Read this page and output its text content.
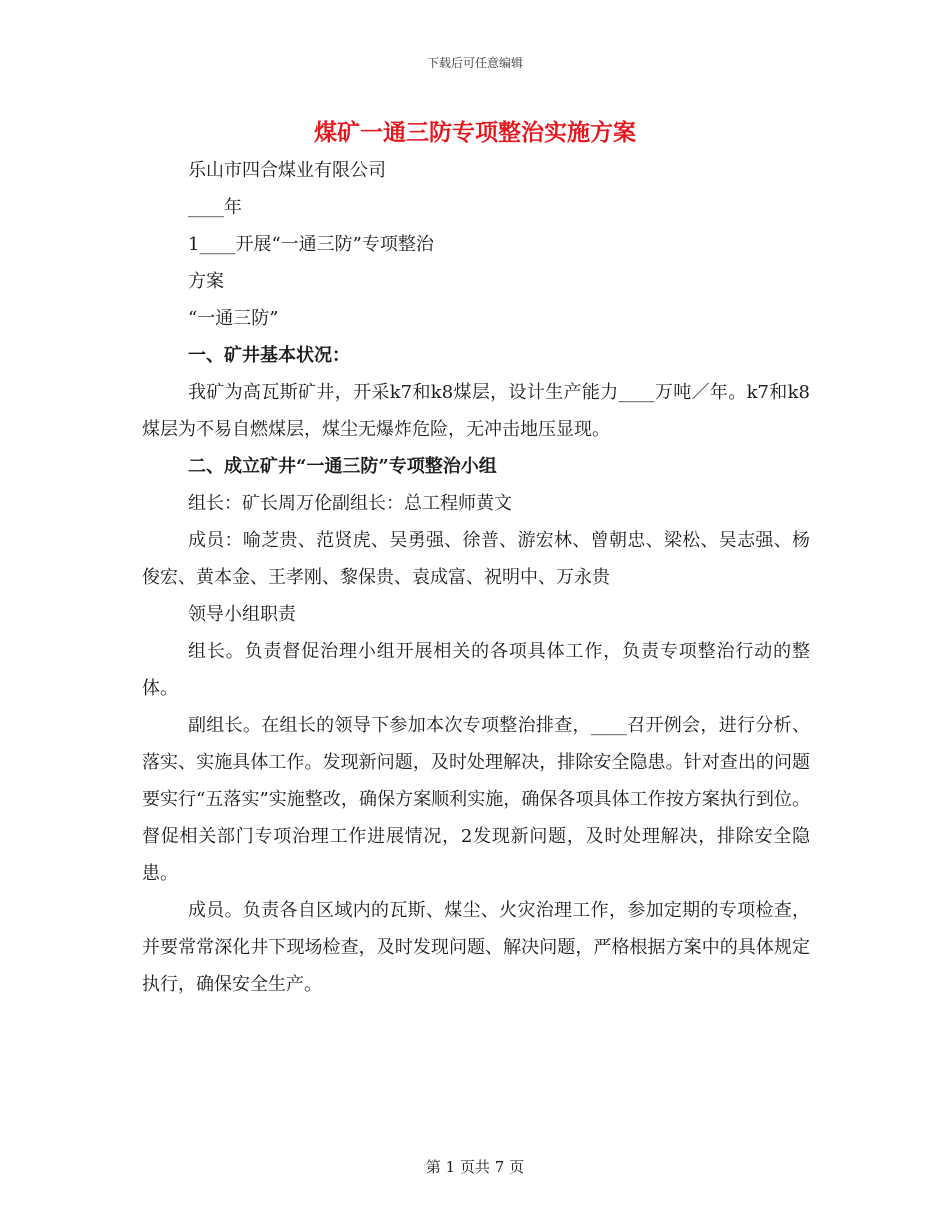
下载后可任意编辑
煤矿一通三防专项整治实施方案

乐山市四合煤业有限公司

____年

1____开展“一通三防”专项整治

方案

“一通三防”

一、矿井基本状况：

我矿为高瓦斯矿井，开采k7和k8煤层，设计生产能力____万吨／年。k7和k8煤层为不易自燃煤层，煤尘无爆炸危险，无冲击地压显现。

二、成立矿井“一通三防”专项整治小组

组长：矿长周万伦副组长：总工程师黄文

成员：喻芝贵、范贤虎、吴勇强、徐普、游宏林、曾朝忠、梁松、吴志强、杨俊宏、黄本金、王孝刚、黎保贵、袁成富、祝明中、万永贵

领导小组职责

组长。负责督促治理小组开展相关的各项具体工作，负责专项整治行动的整体。

副组长。在组长的领导下参加本次专项整治排查，____召开例会，进行分析、落实、实施具体工作。发现新问题，及时处理解决，排除安全隐患。针对查出的问题要实行“五落实”实施整改，确保方案顺利实施，确保各项具体工作按方案执行到位。督促相关部门专项治理工作进展情况，2发现新问题，及时处理解决，排除安全隐患。

成员。负责各自区域内的瓦斯、煤尘、火灾治理工作，参加定期的专项检查，并要常常深化井下现场检查，及时发现问题、解决问题，严格根据方案中的具体规定执行，确保安全生产。

第 1 页共 7 页
